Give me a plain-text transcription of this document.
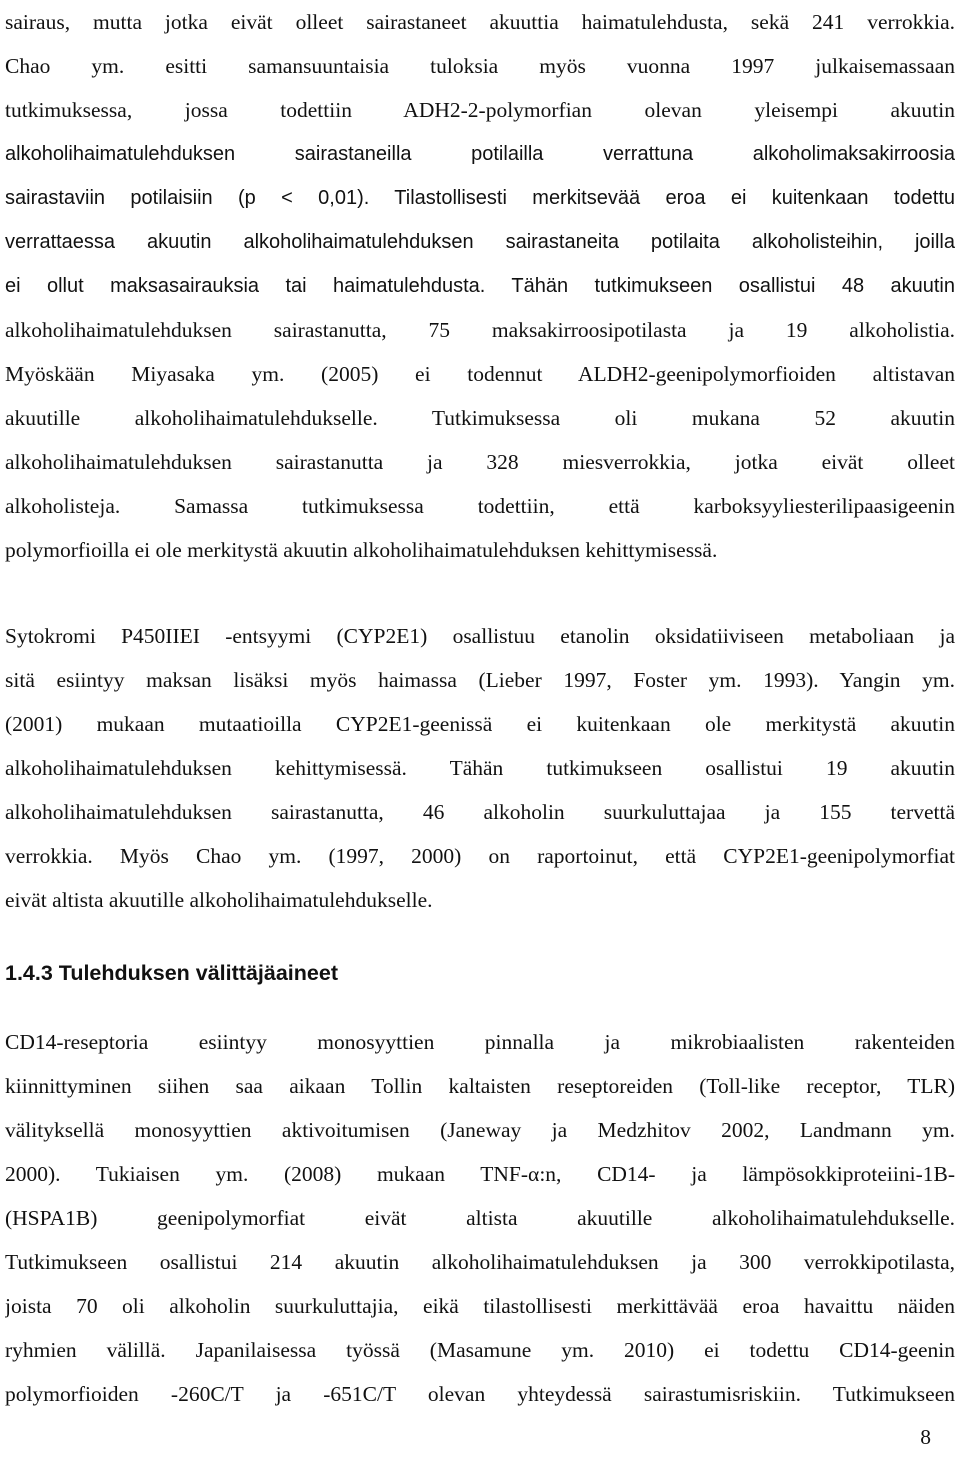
sairaus, mutta jotka eivät olleet sairastaneet akuuttia haimatulehdusta, sekä 241 verrokkia.
Chao ym. esitti samansuuntaisia tuloksia myös vuonna 1997 julkaisemassaan
tutkimuksessa, jossa todettiin ADH2-2-polymorfian olevan yleisempi akuutin
alkoholihaimatulehduksen sairastaneilla potilailla verrattuna alkoholimaksakirroosia
sairastaviin potilaisiin (p < 0,01). Tilastollisesti merkitsevää eroa ei kuitenkaan todettu
verrattaessa akuutin alkoholihaimatulehduksen sairastaneita potilaita alkoholisteihin, joilla
ei ollut maksasairauksia tai haimatulehdusta. Tähän tutkimukseen osallistui 48 akuutin
alkoholihaimatulehduksen sairastanutta, 75 maksakirroosipotilasta ja 19 alkoholistia.
Myöskään Miyasaka ym. (2005) ei todennut ALDH2-geenipolymorfioiden altistavan
akuutille alkoholihaimatulehdukselle. Tutkimuksessa oli mukana 52 akuutin
alkoholihaimatulehduksen sairastanutta ja 328 miesverrokkia, jotka eivät olleet
alkoholisteja. Samassa tutkimuksessa todettiin, että karboksyyliesterilipaasigeenin
polymorfioilla ei ole merkitystä akuutin alkoholihaimatulehduksen kehittymisessä.
Sytokromi P450IIEI -entsyymi (CYP2E1) osallistuu etanolin oksidatiiviseen metaboliaan ja
sitä esiintyy maksan lisäksi myös haimassa (Lieber 1997, Foster ym. 1993). Yangin ym.
(2001) mukaan mutaatioilla CYP2E1-geenissä ei kuitenkaan ole merkitystä akuutin
alkoholihaimatulehduksen kehittymisessä. Tähän tutkimukseen osallistui 19 akuutin
alkoholihaimatulehduksen sairastanutta, 46 alkoholin suurkuluttajaa ja 155 tervettä
verrokkia. Myös Chao ym. (1997, 2000) on raportoinut, että CYP2E1-geenipolymorfiat
eivät altista akuutille alkoholihaimatulehdukselle.
1.4.3 Tulehduksen välittäjäaineet
CD14-reseptoria esiintyy monosyyttien pinnalla ja mikrobiaalisten rakenteiden
kiinnittyminen siihen saa aikaan Tollin kaltaisten reseptoreiden (Toll-like receptor, TLR)
välityksellä monosyyttien aktivoitumisen (Janeway ja Medzhitov 2002, Landmann ym.
2000). Tukiaisen ym. (2008) mukaan TNF-α:n, CD14- ja lämpösokkiproteiini-1B-
(HSPA1B) geenipolymorfiat eivät altista akuutille alkoholihaimatulehdukselle.
Tutkimukseen osallistui 214 akuutin alkoholihaimatulehduksen ja 300 verrokkipotilasta,
joista 70 oli alkoholin suurkuluttajia, eikä tilastollisesti merkittävää eroa havaittu näiden
ryhmien välillä. Japanilaisessa työssä (Masamune ym. 2010) ei todettu CD14-geenin
polymorfioiden -260C/T ja -651C/T olevan yhteydessä sairastumisriskiin. Tutkimukseen
8
